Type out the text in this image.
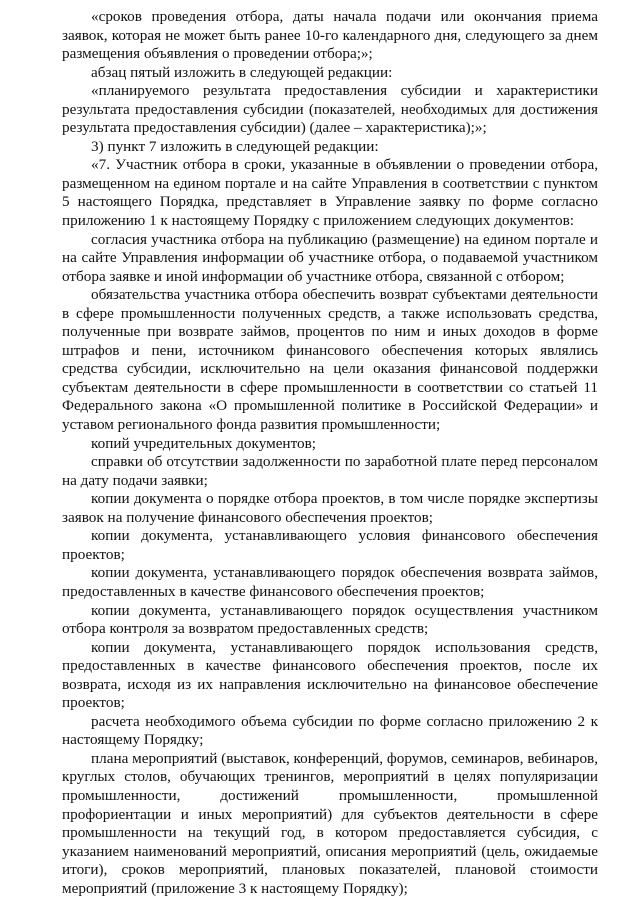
«сроков проведения отбора, даты начала подачи или окончания приема заявок, которая не может быть ранее 10-го календарного дня, следующего за днем размещения объявления о проведении отбора;»;

абзац пятый изложить в следующей редакции:

«планируемого результата предоставления субсидии и характеристики результата предоставления субсидии (показателей, необходимых для достижения результата предоставления субсидии) (далее – характеристика);»;

3) пункт 7 изложить в следующей редакции:

«7. Участник отбора в сроки, указанные в объявлении о проведении отбора, размещенном на едином портале и на сайте Управления в соответствии с пунктом 5 настоящего Порядка, представляет в Управление заявку по форме согласно приложению 1 к настоящему Порядку с приложением следующих документов:

согласия участника отбора на публикацию (размещение) на едином портале и на сайте Управления информации об участнике отбора, о подаваемой участником отбора заявке и иной информации об участнике отбора, связанной с отбором;

обязательства участника отбора обеспечить возврат субъектами деятельности в сфере промышленности полученных средств, а также использовать средства, полученные при возврате займов, процентов по ним и иных доходов в форме штрафов и пени, источником финансового обеспечения которых являлись средства субсидии, исключительно на цели оказания финансовой поддержки субъектам деятельности в сфере промышленности в соответствии со статьей 11 Федерального закона «О промышленной политике в Российской Федерации» и уставом регионального фонда развития промышленности;

копий учредительных документов;

справки об отсутствии задолженности по заработной плате перед персоналом на дату подачи заявки;

копии документа о порядке отбора проектов, в том числе порядке экспертизы заявок на получение финансового обеспечения проектов;

копии документа, устанавливающего условия финансового обеспечения проектов;

копии документа, устанавливающего порядок обеспечения возврата займов, предоставленных в качестве финансового обеспечения проектов;

копии документа, устанавливающего порядок осуществления участником отбора контроля за возвратом предоставленных средств;

копии документа, устанавливающего порядок использования средств, предоставленных в качестве финансового обеспечения проектов, после их возврата, исходя из их направления исключительно на финансовое обеспечение проектов;

расчета необходимого объема субсидии по форме согласно приложению 2 к настоящему Порядку;

плана мероприятий (выставок, конференций, форумов, семинаров, вебинаров, круглых столов, обучающих тренингов, мероприятий в целях популяризации промышленности, достижений промышленности, промышленной профориентации и иных мероприятий) для субъектов деятельности в сфере промышленности на текущий год, в котором предоставляется субсидия, с указанием наименований мероприятий, описания мероприятий (цель, ожидаемые итоги), сроков мероприятий, плановых показателей, плановой стоимости мероприятий (приложение 3 к настоящему Порядку);
